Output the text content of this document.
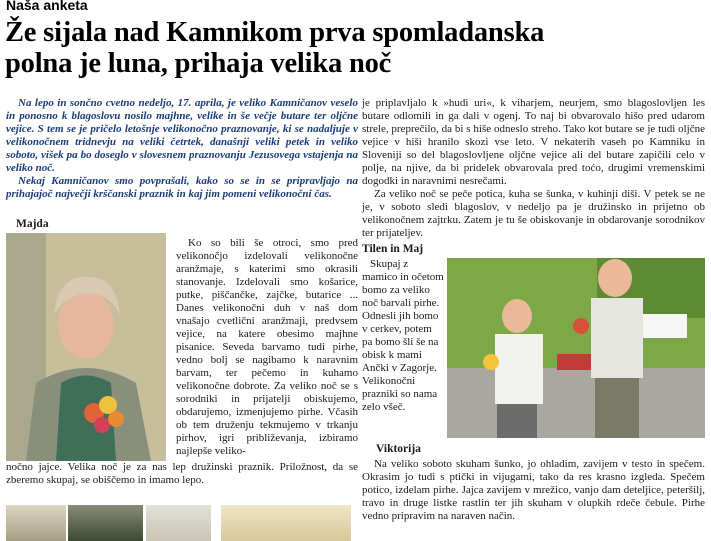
Naša anketa
Že sijala nad Kamnikom prva spomladanska
polna je luna, prihaja velika noč

Na lepo in sončno cvetno nedeljo, 17. aprila, je veliko Kamničanov veselo in ponosno k blagoslovu nosilo majhne, velike in še večje butare ter oljčne vejice. S tem se je pričelo letošnje velikonočno praznovanje, ki se nadaljuje v velikonočnem tridnevju na veliki četrtek, današnji veliki petek in veliko soboto, višek pa bo doseglo v slovesnem praznovanju Jezusovega vstajenja na veliko noč.

Nekaj Kamničanov smo povprašali, kako so se in se pripravljajo na prihajajoč največji krščanski praznik in kaj jim pomeni velikonočni čas.

Majda

Ko so bili še otroci, smo pred velikonočjo izdelovali velikonočne aranžmaje, s katerimi smo okrasili stanovanje. Izdelovali smo košarice, putke, piščančke, zajčke, butarice ... Danes velikonočni duh v naš dom vnašajo cvetlični aranžmaji, predvsem vejice, na katere obesimo majhne pisanice. Seveda barvamo tudi pirhe, vedno bolj se nagibamo k naravnim barvam, ter pečemo in kuhamo velikonočne dobrote. Za veliko noč se s sorodniki in prijatelji obiskujemo, obdarujemo, izmenjujemo pirhe. Včasih ob tem druženju tekmujemo v trkanju pirhov, igri približevanja, izbiramo najlepše veliko-

nočno jajce. Velika noč je za nas lep družinski praznik. Priložnost, da se zberemo skupaj, se obiščemo in imamo lepo.

je priplavljalo k »hudi uri«, k viharjem, neurjem, smo blagoslovljen les butare odlomili in ga dali v ogenj. To naj bi obvarovalo hišo pred udarom strele, preprečilo, da bi s hiše odneslo streho. Tako kot butare se je tudi oljčne vejice v hiši hranilo skozi vse leto. V nekaterih vaseh po Kamniku in Sloveniji so del blagoslovljene oljčne vejice ali del butare zapičili celo v polje, na njive, da bi pridelek obvarovala pred toćo, drugimi vremenskimi dogodki in naravnimi nesrečami.

Za veliko noč se peče potica, kuha se šunka, v kuhinji diši. V petek se ne je, v soboto sledi blagoslov, v nedeljo pa je družinsko in prijetno ob velikonočnem zajtrku. Zatem je tu še obiskovanje in obdarovanje sorodnikov ter prijateljev.

Tilen in Maj

Skupaj z mamico in očetom bomo za veliko noč barvali pirhe. Odnesli jih bomo v cerkev, potem pa bomo šli še na obisk k mami Ančki v Zagorje. Velikonočni prazniki so nama zelo všeč.

Viktorija

Na veliko soboto skuham šunko, jo ohladim, zavijem v testo in spečem. Okrasim jo tudi s ptički in vijugami, tako da res krasno izgleda. Spečem potico, izdelam pirhe. Jajca zavijem v mrežico, vanjo dam deteljice, peteršilj, travo in druge listke rastlin ter jih skuham v olupkih rdeče čebule. Pirhe vedno pripravim na naraven način.
